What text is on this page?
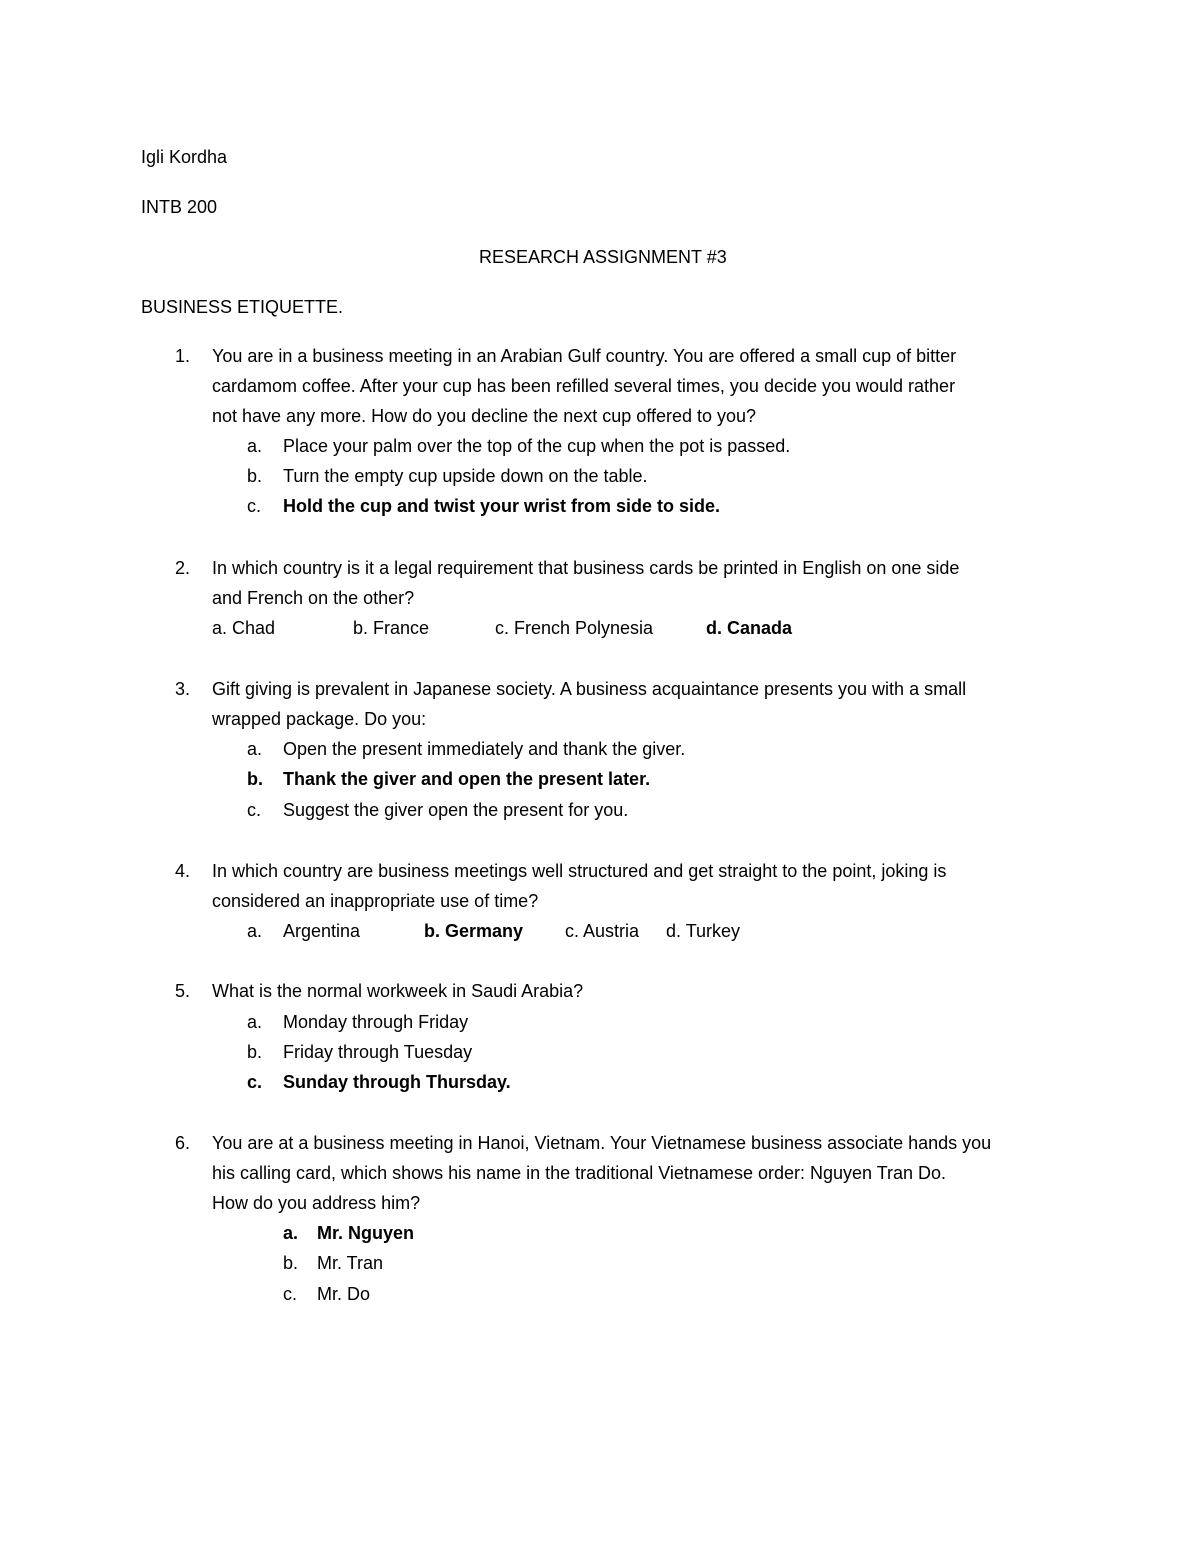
Igli Kordha
INTB 200
RESEARCH ASSIGNMENT #3
BUSINESS ETIQUETTE.
1. You are in a business meeting in an Arabian Gulf country. You are offered a small cup of bitter
cardamom coffee. After your cup has been refilled several times, you decide you would rather
not have any more. How do you decline the next cup offered to you?
a. Place your palm over the top of the cup when the pot is passed.
b. Turn the empty cup upside down on the table.
c. Hold the cup and twist your wrist from side to side.
2. In which country is it a legal requirement that business cards be printed in English on one side
and French on the other?
a. Chad	b. France	c. French Polynesia	d. Canada
3. Gift giving is prevalent in Japanese society. A business acquaintance presents you with a small
wrapped package. Do you:
a. Open the present immediately and thank the giver.
b. Thank the giver and open the present later.
c. Suggest the giver open the present for you.
4. In which country are business meetings well structured and get straight to the point, joking is
considered an inappropriate use of time?
a. Argentina	b. Germany c. Austria d. Turkey
5. What is the normal workweek in Saudi Arabia?
a. Monday through Friday
b. Friday through Tuesday
c. Sunday through Thursday.
6. You are at a business meeting in Hanoi, Vietnam. Your Vietnamese business associate hands you
his calling card, which shows his name in the traditional Vietnamese order: Nguyen Tran Do.
How do you address him?
a. Mr. Nguyen
b. Mr. Tran
c. Mr. Do
